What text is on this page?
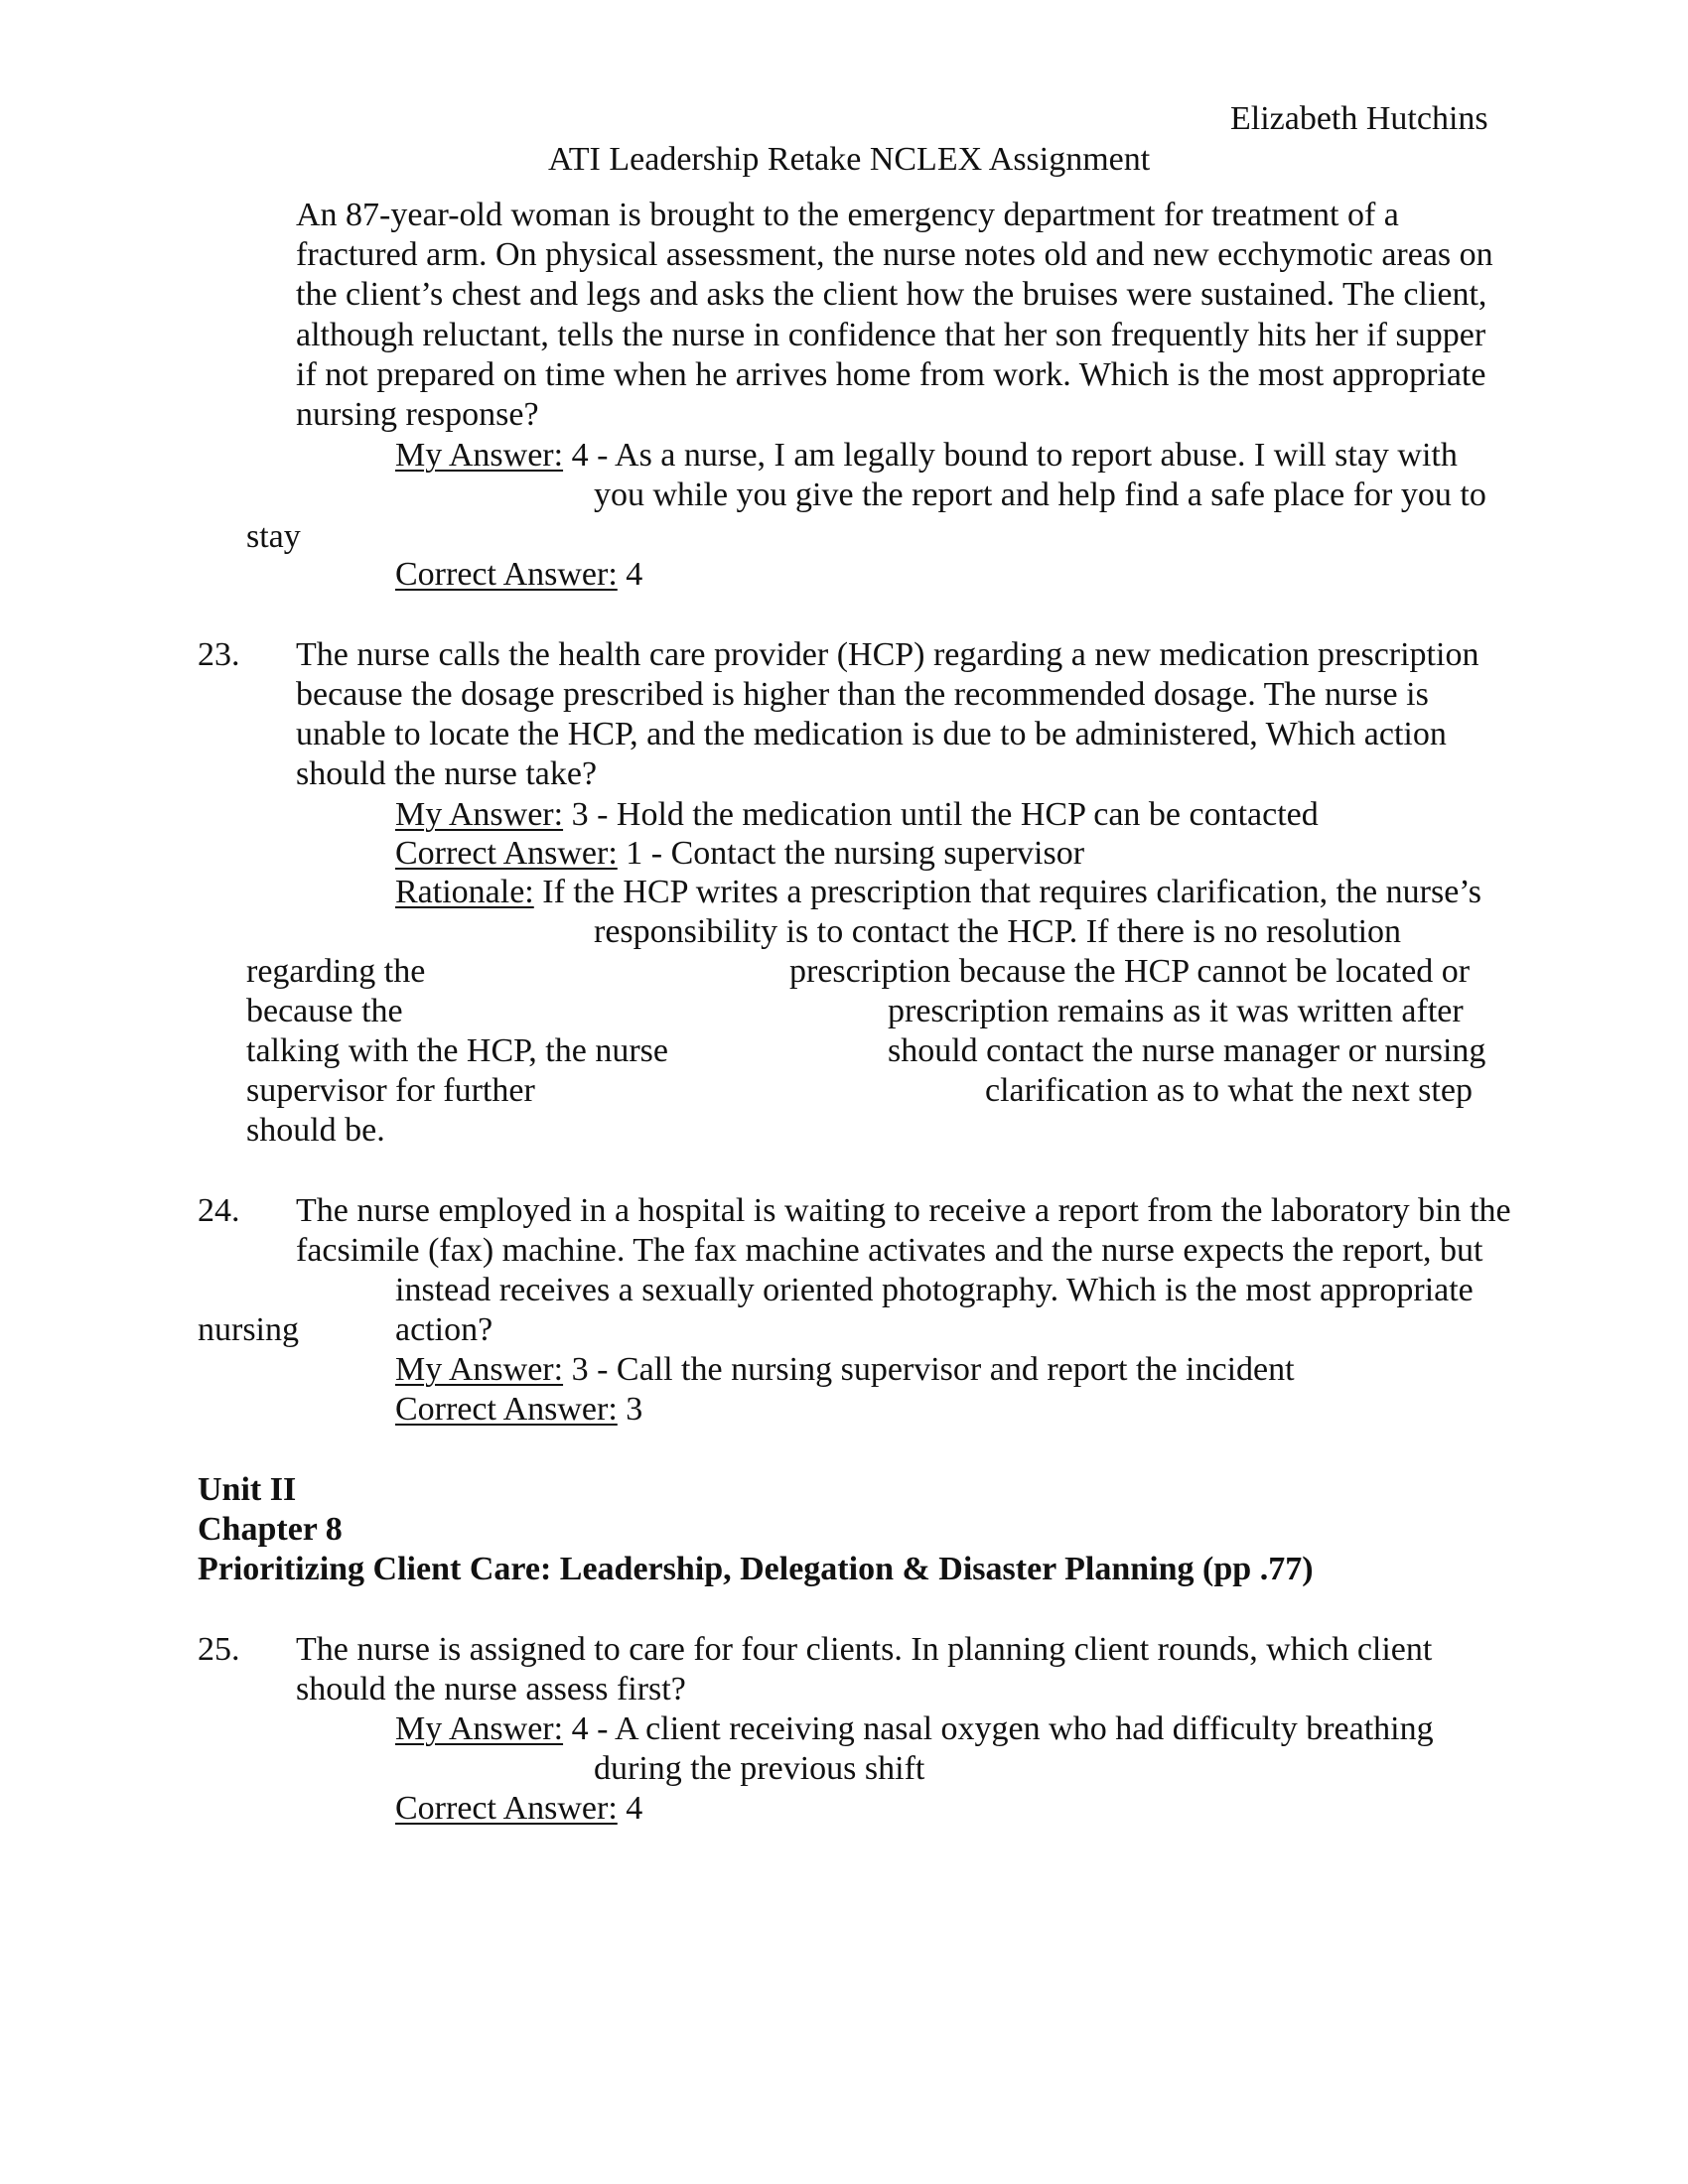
Elizabeth Hutchins
ATI Leadership Retake NCLEX Assignment
An 87-year-old woman is brought to the emergency department for treatment of a
fractured arm. On physical assessment, the nurse notes old and new ecchymotic areas on
the client’s chest and legs and asks the client how the bruises were sustained. The client,
although reluctant, tells the nurse in confidence that her son frequently hits her if supper
if not prepared on time when he arrives home from work. Which is the most appropriate
nursing response?
My Answer: 4 - As a nurse, I am legally bound to report abuse. I will stay with
you while you give the report and help find a safe place for you to
stay
Correct Answer: 4
23. The nurse calls the health care provider (HCP) regarding a new medication prescription
because the dosage prescribed is higher than the recommended dosage. The nurse is
unable to locate the HCP, and the medication is due to be administered, Which action
should the nurse take?
My Answer: 3 - Hold the medication until the HCP can be contacted
Correct Answer: 1 - Contact the nursing supervisor
Rationale: If the HCP writes a prescription that requires clarification, the nurse’s
responsibility is to contact the HCP. If there is no resolution
regarding the	prescription because the HCP cannot be located or
because the	prescription remains as it was written after
talking with the HCP, the nurse	should contact the nurse manager or nursing
supervisor for further	clarification as to what the next step
should be.
24. The nurse employed in a hospital is waiting to receive a report from the laboratory bin the
facsimile (fax) machine. The fax machine activates and the nurse expects the report, but
instead receives a sexually oriented photography. Which is the most appropriate
nursing	action?
My Answer: 3 - Call the nursing supervisor and report the incident
Correct Answer: 3
Unit II
Chapter 8
Prioritizing Client Care: Leadership, Delegation & Disaster Planning (pp .77)
25. The nurse is assigned to care for four clients. In planning client rounds, which client
should the nurse assess first?
My Answer: 4 - A client receiving nasal oxygen who had difficulty breathing
during the previous shift
Correct Answer: 4
